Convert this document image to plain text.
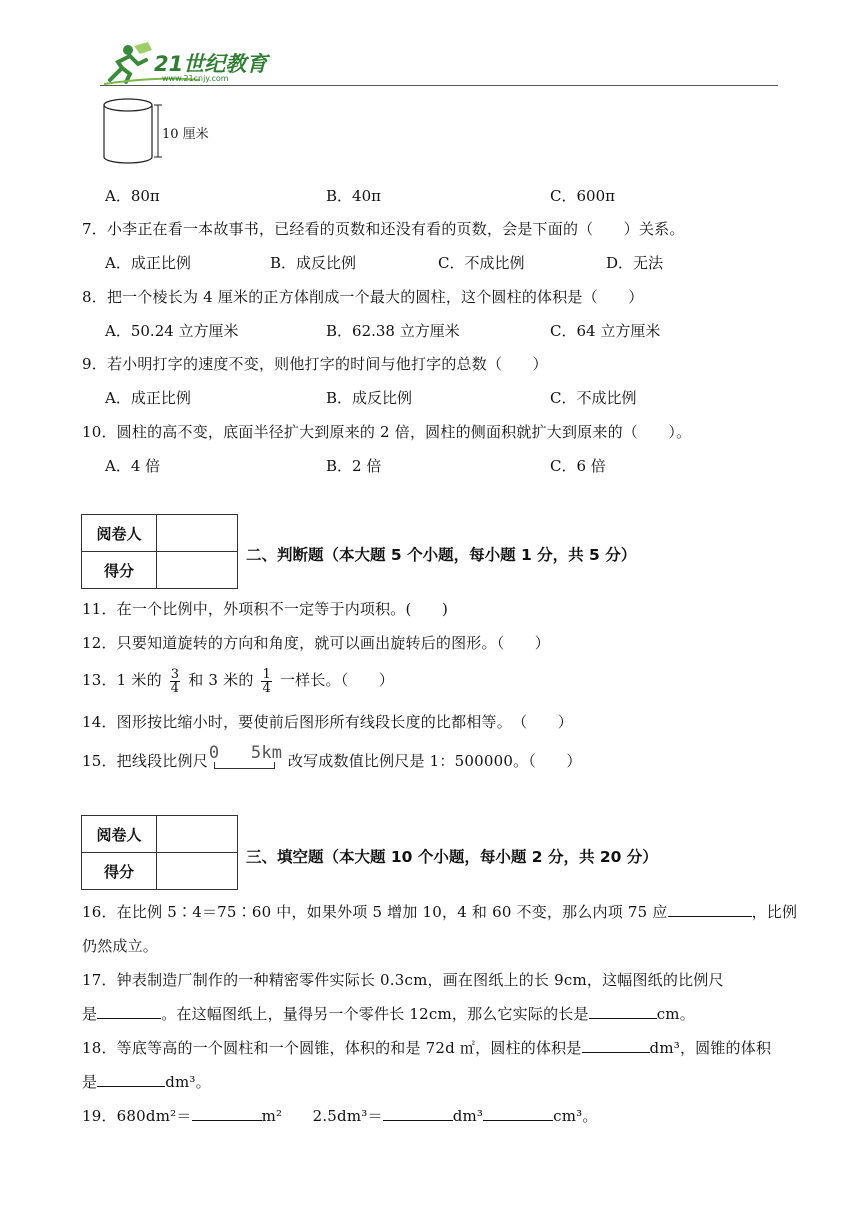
21世纪教育
www.21cnjy.com
10 厘米
A．80π	B．40π	C．600π
7．小李正在看一本故事书，已经看的页数和还没有看的页数，会是下面的（　　）关系。
A．成正比例	B．成反比例	C．不成比例	D．无法
8．把一个棱长为 4 厘米的正方体削成一个最大的圆柱，这个圆柱的体积是（　　）
A．50.24 立方厘米	B．62.38 立方厘米	C．64 立方厘米
9．若小明打字的速度不变，则他打字的时间与他打字的总数（　　）
A．成正比例	B．成反比例	C．不成比例
10．圆柱的高不变，底面半径扩大到原来的 2 倍，圆柱的侧面积就扩大到原来的（　　）。
A．4 倍	B．2 倍	C．6 倍
阅卷人	
得分	
二、判断题（本大题 5 个小题，每小题 1 分，共 5 分）
11．在一个比例中，外项积不一定等于内项积。(　　)
12．只要知道旋转的方向和角度，就可以画出旋转后的图形。（　　）
13．1 米的 $\frac{3}{4}$ 和 3 米的 $\frac{1}{4}$ 一样长。（　　）
14．图形按比缩小时，要使前后图形所有线段长度的比都相等。　（　　）
15．把线段比例尺 0 5km 改写成数值比例尺是 1：500000。（　　）
阅卷人	
得分	
三、填空题（本大题 10 个小题，每小题 2 分，共 20 分）
16．在比例 5∶4＝75∶60 中，如果外项 5 增加 10，4 和 60 不变，那么内项 75 应	，比例
仍然成立。
17．钟表制造厂制作的一种精密零件实际长 0.3cm，画在图纸上的长 9cm，这幅图纸的比例尺
是	。在这幅图纸上，量得另一个零件长 12cm，那么它实际的长是	cm。
18．等底等高的一个圆柱和一个圆锥，体积的和是 72d ㎡，圆柱的体积是	dm³，圆锥的体积
是	dm³。
19．680dm²＝	m²　　2.5dm³＝	dm³	cm³。
